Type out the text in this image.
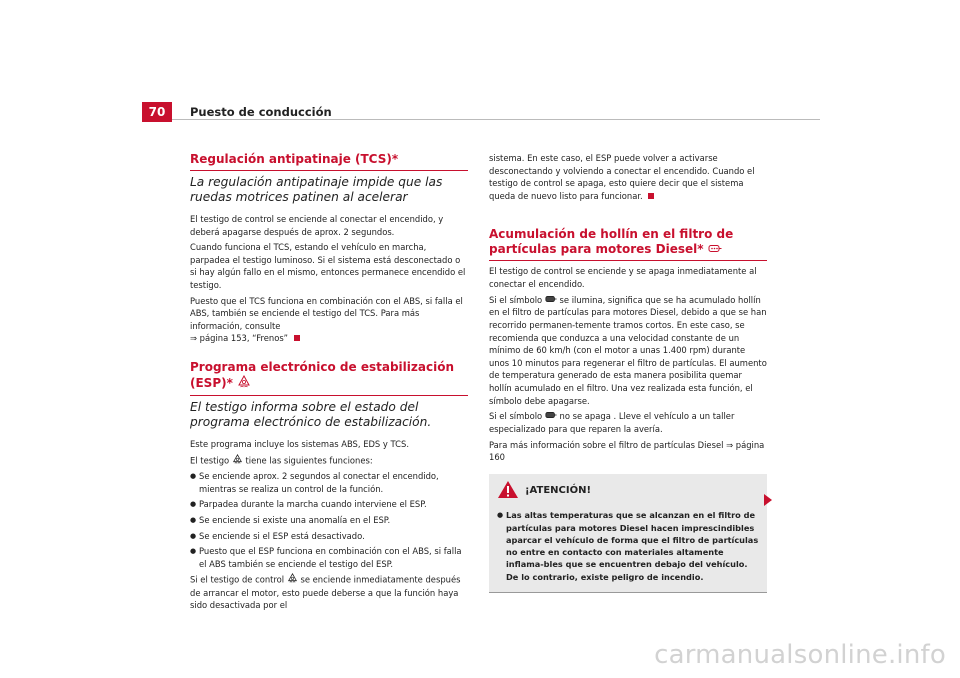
70	Puesto de conducción
Regulación antipatinaje (TCS)*
La regulación antipatinaje impide que las ruedas motrices patinen al acelerar

El testigo de control se enciende al conectar el encendido, y deberá apagarse después de aprox. 2 segundos.

Cuando funciona el TCS, estando el vehículo en marcha, parpadea el testigo luminoso. Si el sistema está desconectado o si hay algún fallo en el mismo, entonces permanece encendido el testigo.

Puesto que el TCS funciona en combinación con el ABS, si falla el ABS, también se enciende el testigo del TCS. Para más información, consulte
⇒ página 153, “Frenos”

Programa electrónico de estabilización (ESP)*
El testigo informa sobre el estado del programa electrónico de estabilización.

Este programa incluye los sistemas ABS, EDS y TCS.

El testigo tiene las siguientes funciones:

● Se enciende aprox. 2 segundos al conectar el encendido, mientras se realiza un control de la función.
● Parpadea durante la marcha cuando interviene el ESP.
● Se enciende si existe una anomalía en el ESP.
● Se enciende si el ESP está desactivado.
● Puesto que el ESP funciona en combinación con el ABS, si falla el ABS también se enciende el testigo del ESP.

Si el testigo de control se enciende inmediatamente después de arrancar el motor, esto puede deberse a que la función haya sido desactivada por el

sistema. En este caso, el ESP puede volver a activarse desconectando y volviendo a conectar el encendido. Cuando el testigo de control se apaga, esto quiere decir que el sistema queda de nuevo listo para funcionar.

Acumulación de hollín en el filtro de partículas para motores Diesel*

El testigo de control se enciende y se apaga inmediatamente al conectar el encendido.

Si el símbolo se ilumina, significa que se ha acumulado hollín en el filtro de partículas para motores Diesel, debido a que se han recorrido permanen-temente tramos cortos. En este caso, se recomienda que conduzca a una velocidad constante de un mínimo de 60 km/h (con el motor a unas 1.400 rpm) durante unos 10 minutos para regenerar el filtro de partículas. El aumento de temperatura generado de esta manera posibilita quemar hollín acumulado en el filtro. Una vez realizada esta función, el símbolo debe apagarse.

Si el símbolo no se apaga . Lleve el vehículo a un taller especializado para que reparen la avería.

Para más información sobre el filtro de partículas Diesel ⇒ página 160

¡ATENCIÓN!
● Las altas temperaturas que se alcanzan en el filtro de partículas para motores Diesel hacen imprescindibles aparcar el vehículo de forma que el filtro de partículas no entre en contacto con materiales altamente inflama-bles que se encuentren debajo del vehículo. De lo contrario, existe peligro de incendio.
carmanualsonline.info
